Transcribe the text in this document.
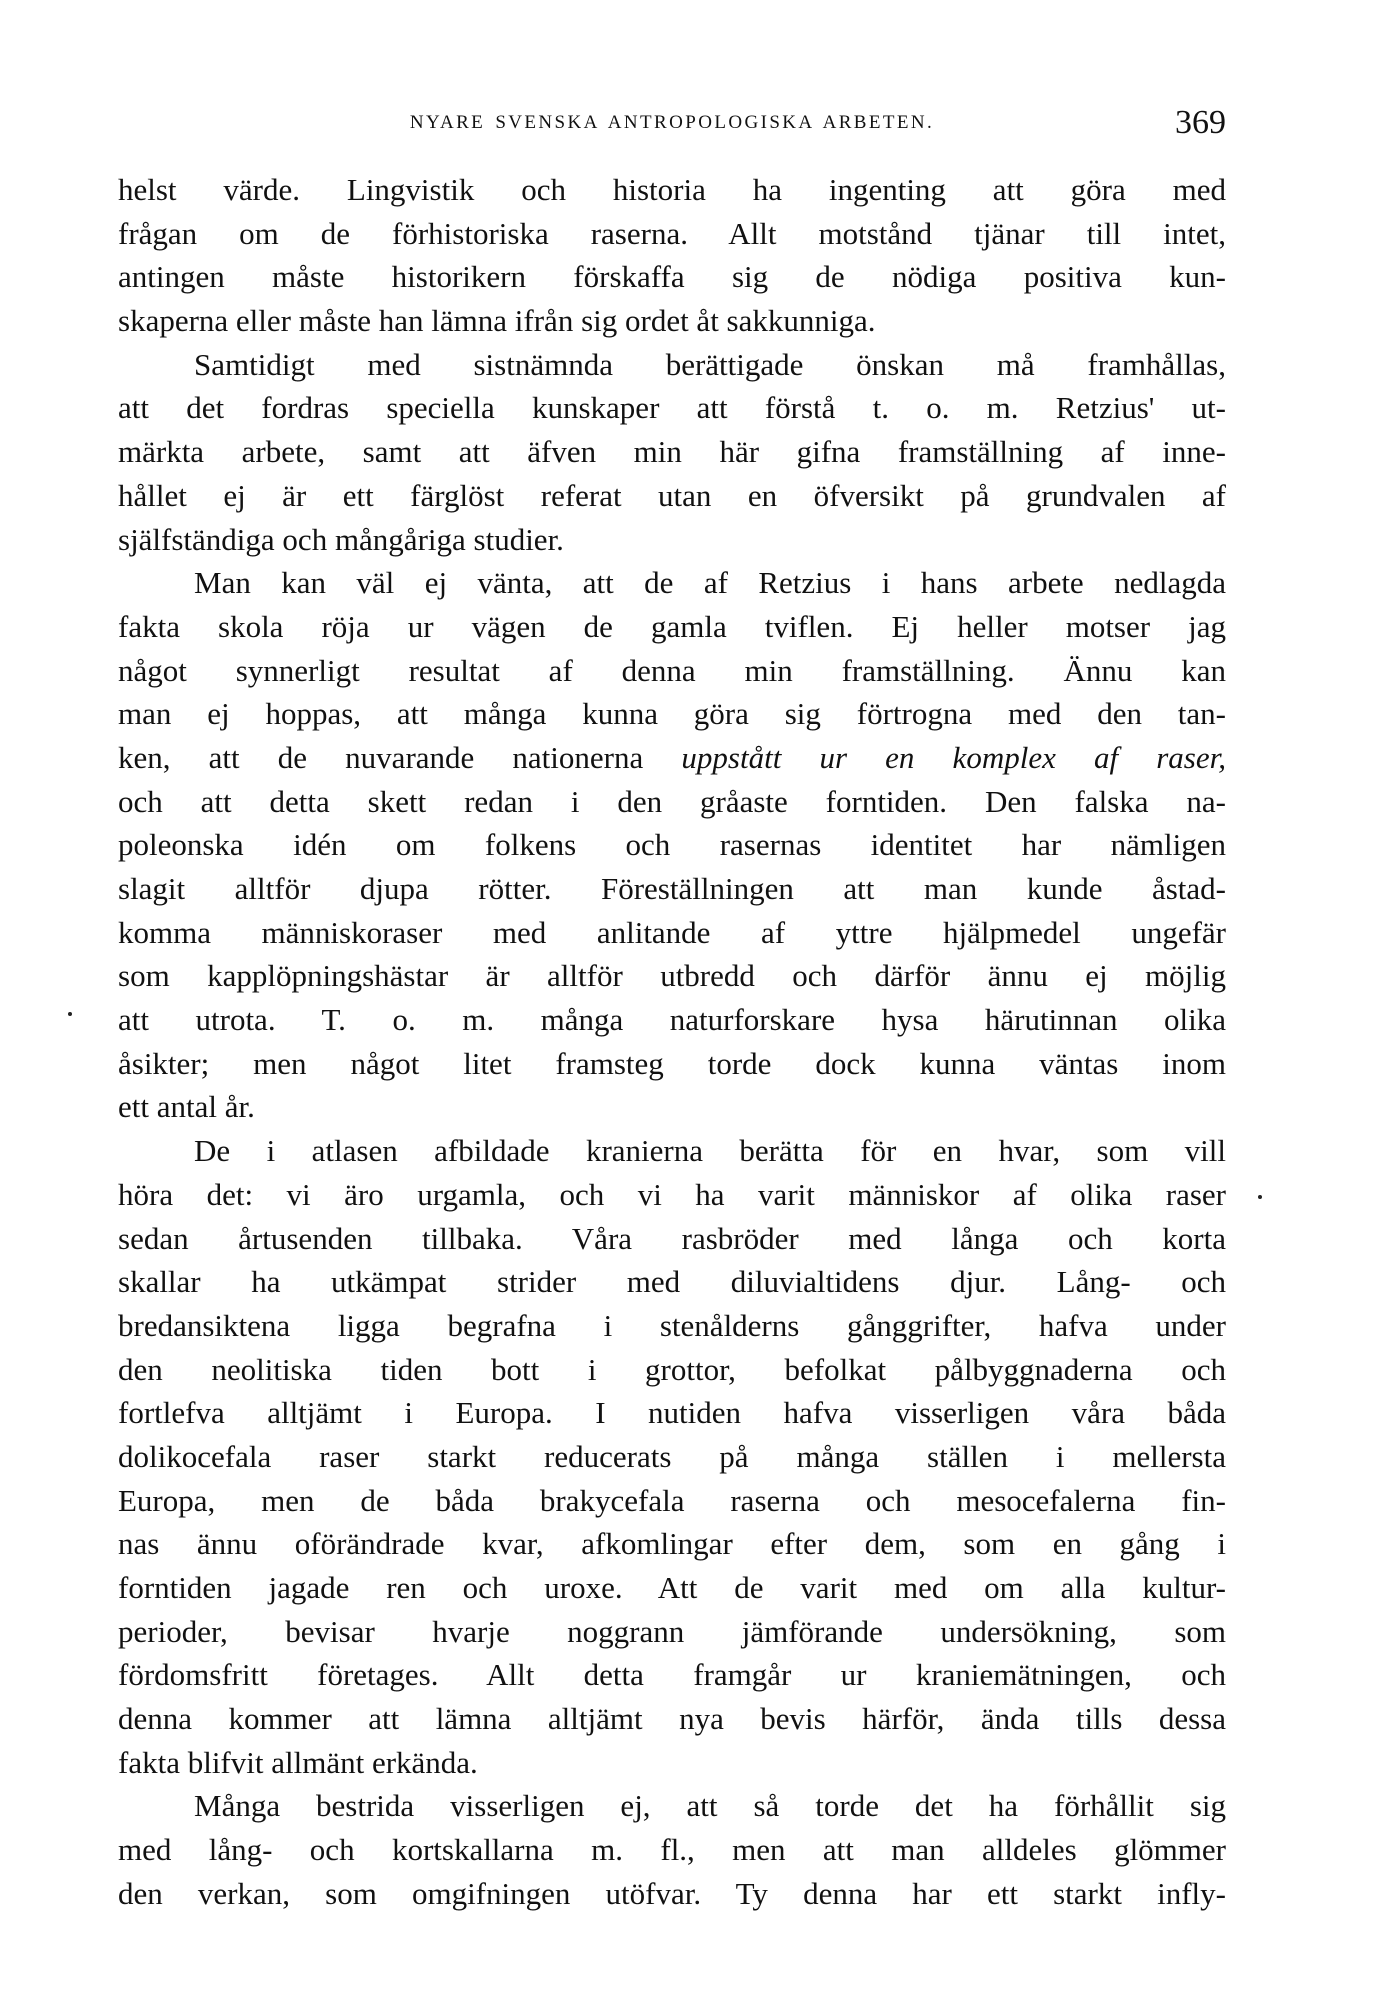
NYARE SVENSKA ANTROPOLOGISKA ARBETEN.	369
helst värde. Lingvistik och historia ha ingenting att göra med
frågan om de förhistoriska raserna. Allt motstånd tjänar till intet,
antingen måste historikern förskaffa sig de nödiga positiva kun-
skaperna eller måste han lämna ifrån sig ordet åt sakkunniga.
Samtidigt med sistnämnda berättigade önskan må framhållas,
att det fordras speciella kunskaper att förstå t. o. m. Retzius' ut-
märkta arbete, samt att äfven min här gifna framställning af inne-
hållet ej är ett färglöst referat utan en öfversikt på grundvalen af
själfständiga och mångåriga studier.
Man kan väl ej vänta, att de af Retzius i hans arbete nedlagda
fakta skola röja ur vägen de gamla tviflen. Ej heller motser jag
något synnerligt resultat af denna min framställning. Ännu kan
man ej hoppas, att många kunna göra sig förtrogna med den tan-
ken, att de nuvarande nationerna uppstått ur en komplex af raser,
och att detta skett redan i den gråaste forntiden. Den falska na-
poleonska idén om folkens och rasernas identitet har nämligen
slagit alltför djupa rötter. Föreställningen att man kunde åstad-
komma människoraser med anlitande af yttre hjälpmedel ungefär
som kapplöpningshästar är alltför utbredd och därför ännu ej möjlig
att utrota. T. o. m. många naturforskare hysa härutinnan olika
åsikter; men något litet framsteg torde dock kunna väntas inom
ett antal år.
De i atlasen afbildade kranierna berätta för en hvar, som vill
höra det: vi äro urgamla, och vi ha varit människor af olika raser
sedan årtusenden tillbaka. Våra rasbröder med långa och korta
skallar ha utkämpat strider med diluvialtidens djur. Lång- och
bredansiktena ligga begrafna i stenålderns gånggrifter, hafva under
den neolitiska tiden bott i grottor, befolkat pålbyggnaderna och
fortlefva alltjämt i Europa. I nutiden hafva visserligen våra båda
dolikocefala raser starkt reducerats på många ställen i mellersta
Europa, men de båda brakycefala raserna och mesocefalerna fin-
nas ännu oförändrade kvar, afkomlingar efter dem, som en gång i
forntiden jagade ren och uroxe. Att de varit med om alla kultur-
perioder, bevisar hvarje noggrann jämförande undersökning, som
fördomsfritt företages. Allt detta framgår ur kraniemätningen, och
denna kommer att lämna alltjämt nya bevis härför, ända tills dessa
fakta blifvit allmänt erkända.
Många bestrida visserligen ej, att så torde det ha förhållit sig
med lång- och kortskallarna m. fl., men att man alldeles glömmer
den verkan, som omgifningen utöfvar. Ty denna har ett starkt infly-
